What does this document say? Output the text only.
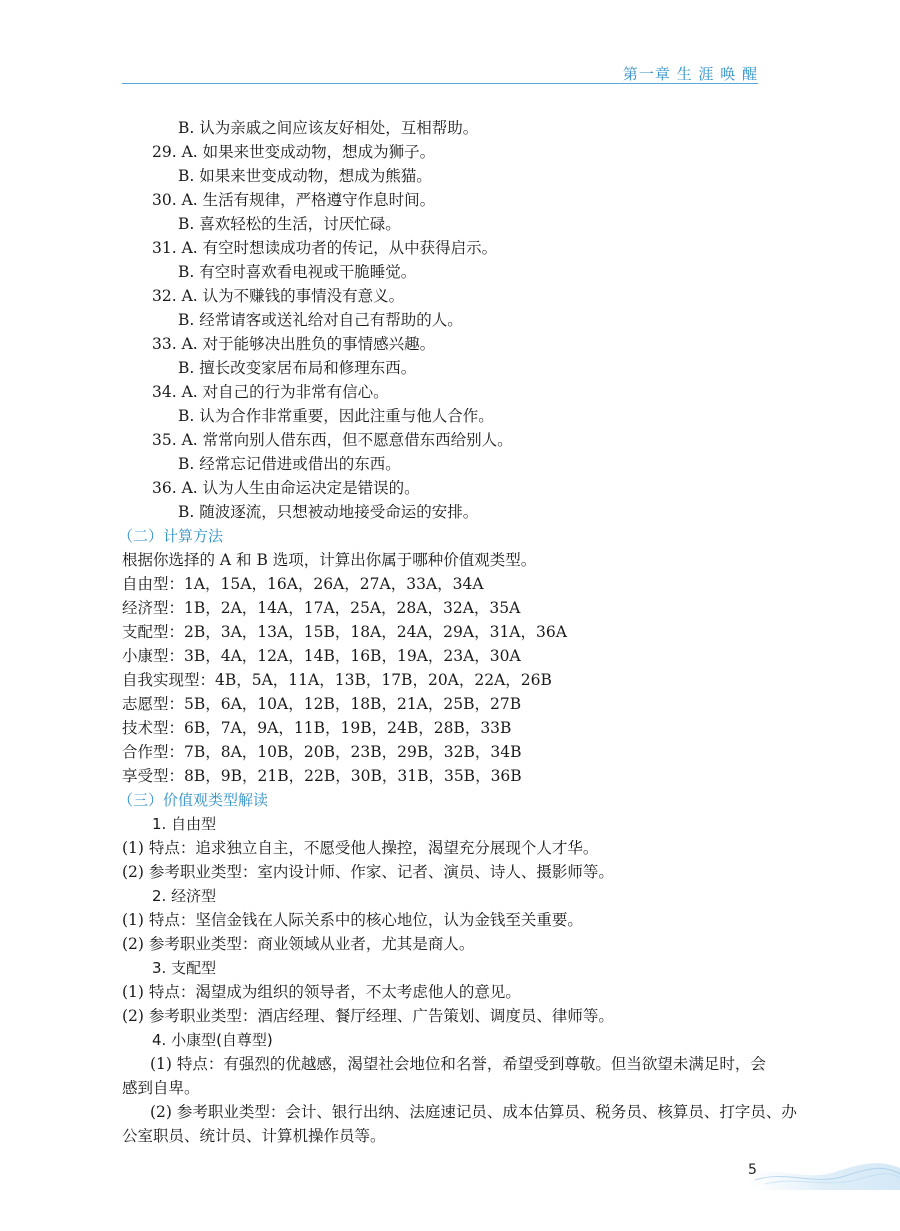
第一章 生 涯 唤 醒
B. 认为亲戚之间应该友好相处，互相帮助。
29. A. 如果来世变成动物，想成为狮子。
B. 如果来世变成动物，想成为熊猫。
30. A. 生活有规律，严格遵守作息时间。
B. 喜欢轻松的生活，讨厌忙碌。
31. A. 有空时想读成功者的传记，从中获得启示。
B. 有空时喜欢看电视或干脆睡觉。
32. A. 认为不赚钱的事情没有意义。
B. 经常请客或送礼给对自己有帮助的人。
33. A. 对于能够决出胜负的事情感兴趣。
B. 擅长改变家居布局和修理东西。
34. A. 对自己的行为非常有信心。
B. 认为合作非常重要，因此注重与他人合作。
35. A. 常常向别人借东西，但不愿意借东西给别人。
B. 经常忘记借进或借出的东西。
36. A. 认为人生由命运决定是错误的。
B. 随波逐流，只想被动地接受命运的安排。
（二）计算方法
根据你选择的 A 和 B 选项，计算出你属于哪种价值观类型。
自由型：1A，15A，16A，26A，27A，33A，34A
经济型：1B，2A，14A，17A，25A，28A，32A，35A
支配型：2B，3A，13A，15B，18A，24A，29A，31A，36A
小康型：3B，4A，12A，14B，16B，19A，23A，30A
自我实现型：4B，5A，11A，13B，17B，20A，22A，26B
志愿型：5B，6A，10A，12B，18B，21A，25B，27B
技术型：6B，7A，9A，11B，19B，24B，28B，33B
合作型：7B，8A，10B，20B，23B，29B，32B，34B
享受型：8B，9B，21B，22B，30B，31B，35B，36B
（三）价值观类型解读
1. 自由型
(1) 特点：追求独立自主，不愿受他人操控，渴望充分展现个人才华。
(2) 参考职业类型：室内设计师、作家、记者、演员、诗人、摄影师等。
2. 经济型
(1) 特点：坚信金钱在人际关系中的核心地位，认为金钱至关重要。
(2) 参考职业类型：商业领域从业者，尤其是商人。
3. 支配型
(1) 特点：渴望成为组织的领导者，不太考虑他人的意见。
(2) 参考职业类型：酒店经理、餐厅经理、广告策划、调度员、律师等。
4. 小康型(自尊型)
(1) 特点：有强烈的优越感，渴望社会地位和名誉，希望受到尊敬。但当欲望未满足时，会
感到自卑。
(2) 参考职业类型：会计、银行出纳、法庭速记员、成本估算员、税务员、核算员、打字员、办
公室职员、统计员、计算机操作员等。
5
